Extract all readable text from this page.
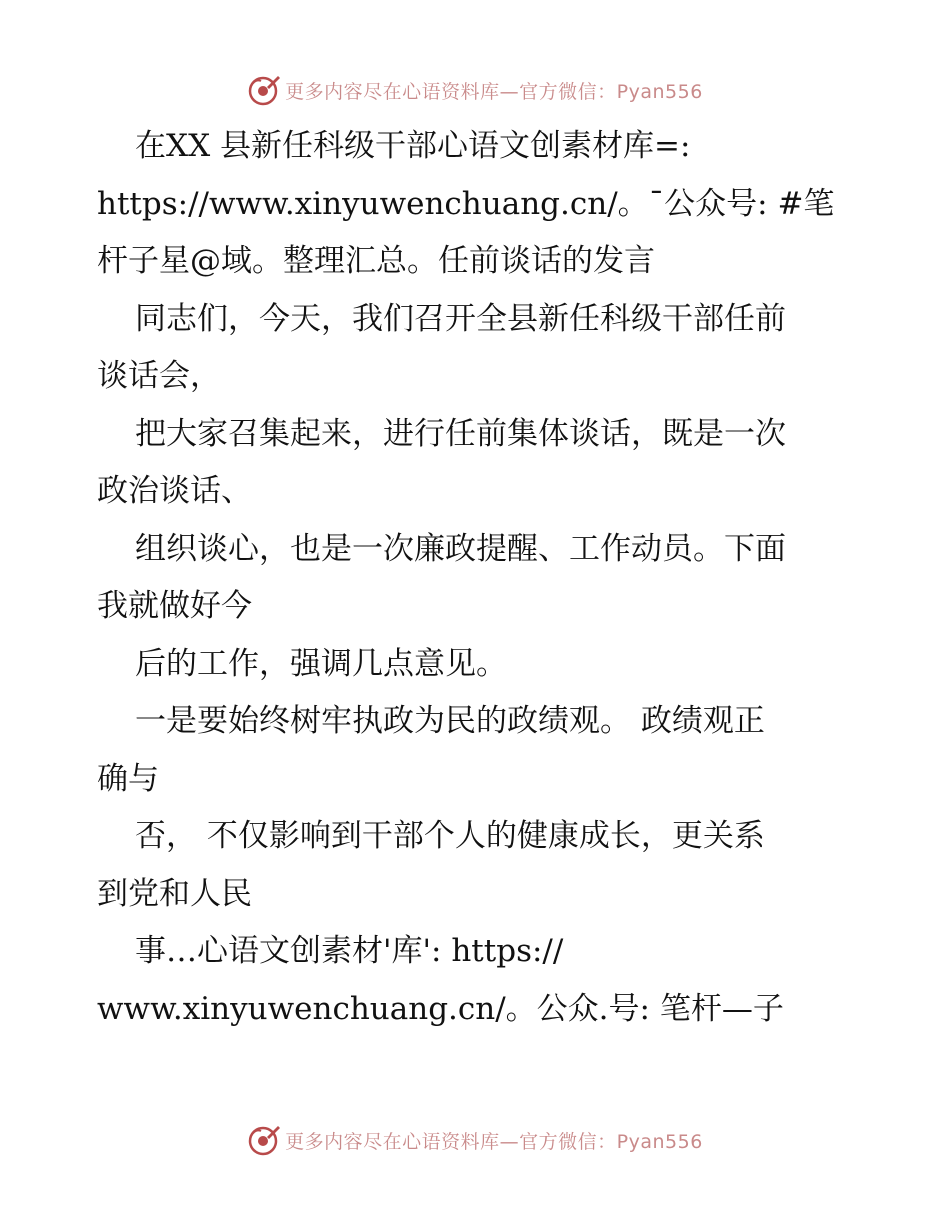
更多内容尽在心语资料库—官方微信：Pyan556
在XX 县新任科级干部心语文创素材库=:
https://www.xinyuwenchuang.cn/。¯公众号: #笔
杆子星@域。整理汇总。任前谈话的发言
同志们，今天，我们召开全县新任科级干部任前
谈话会，
把大家召集起来，进行任前集体谈话，既是一次
政治谈话、
组织谈心，也是一次廉政提醒、工作动员。下面
我就做好今
后的工作，强调几点意见。
一是要始终树牢执政为民的政绩观。 政绩观正
确与
否， 不仅影响到干部个人的健康成长，更关系
到党和人民
事…心语文创素材'库': https://
www.xinyuwenchuang.cn/。公众.号: 笔杆—子
更多内容尽在心语资料库—官方微信：Pyan556
